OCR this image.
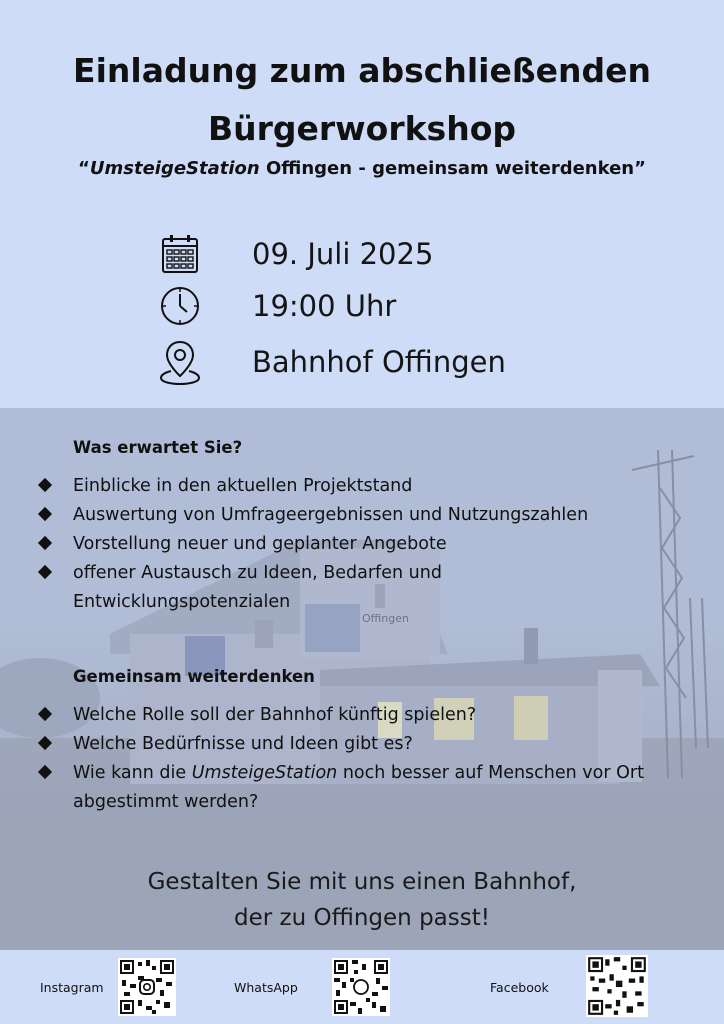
Einladung zum abschließenden
Bürgerworkshop
“UmsteigeStation Offingen - gemeinsam weiterdenken”
09. Juli 2025
19:00 Uhr
Bahnhof Offingen
Offingen
Was erwartet Sie?
Einblicke in den aktuellen Projektstand
Auswertung von Umfrageergebnissen und Nutzungszahlen
Vorstellung neuer und geplanter Angebote
offener Austausch zu Ideen, Bedarfen und Entwicklungspotenzialen
Gemeinsam weiterdenken
Welche Rolle soll der Bahnhof künftig spielen?
Welche Bedürfnisse und Ideen gibt es?
Wie kann die UmsteigeStation noch besser auf Menschen vor Ort abgestimmt werden?
Gestalten Sie mit uns einen Bahnhof,
der zu Offingen passt!
Instagram	WhatsApp	Facebook
